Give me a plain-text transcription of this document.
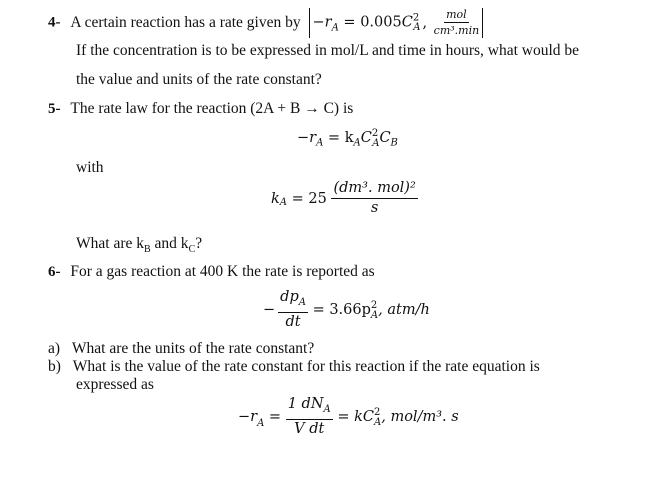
4- A certain reaction has a rate given by $-r_A = 0.005C^2_A$ , $\frac{\text{mol}}{\text{cm³.min}}$
If the concentration is to be expressed in mol/L and time in hours, what would be
the value and units of the rate constant?
5- The rate law for the reaction (2A + B → C) is
$-r_A = k_AC^2_AC_B$
with
$k_A = 25 \frac{\text{(dm³. mol)²}}{s}$
What are $k_B$ and $k_C$?
6- For a gas reaction at 400 K the rate is reported as
− $\frac{dp_A}{dt} = 3.66p$ 2
A , atm/h
a) What are the units of the rate constant?
b) What is the value of the rate constant for this reaction if the rate equation is
expressed as
$-r_A = \frac{1 dN_A}{\text{V dt}}$ = kC 2
A , mol/m³. s
